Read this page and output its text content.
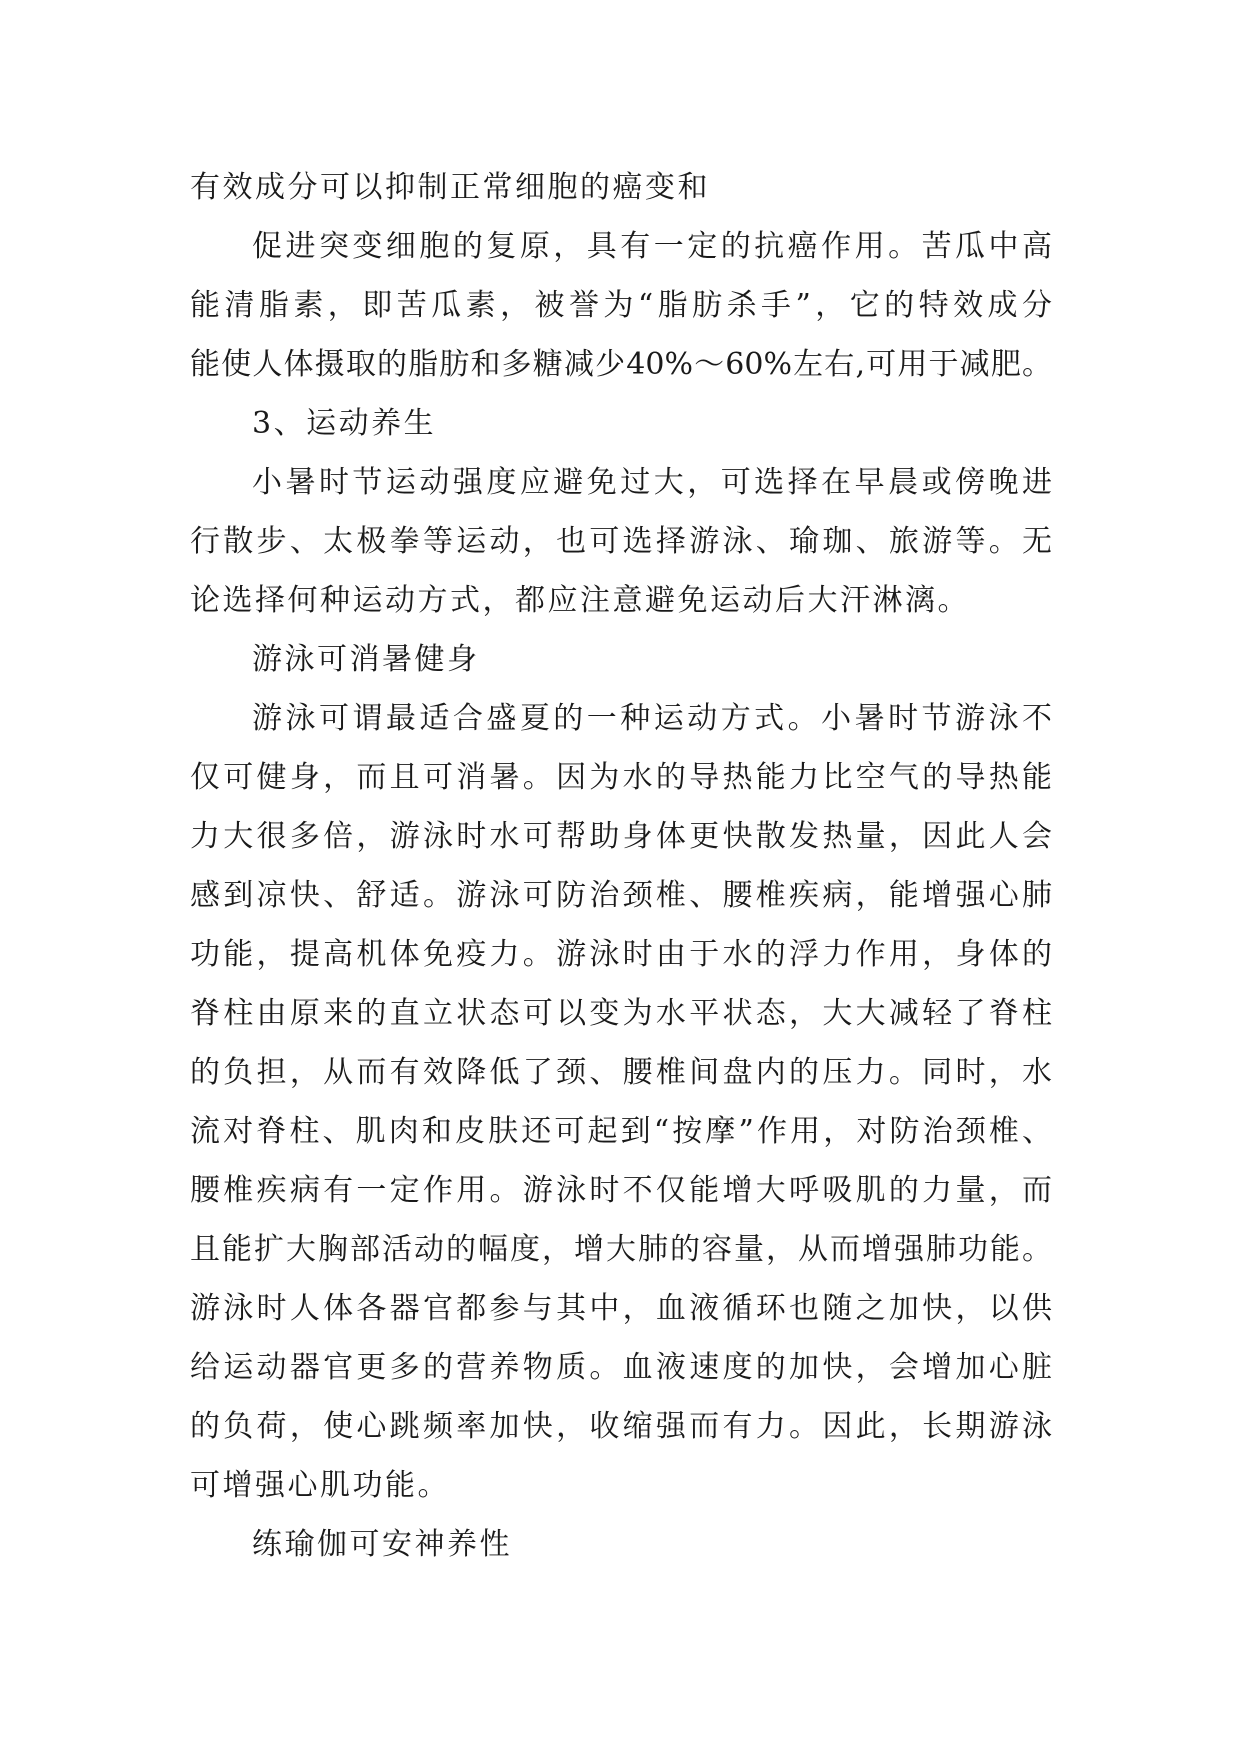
有效成分可以抑制正常细胞的癌变和
促进突变细胞的复原，具有一定的抗癌作用。苦瓜中高
能清脂素，即苦瓜素，被誉为“脂肪杀手”，它的特效成分
能使人体摄取的脂肪和多糖减少40%～60%左右,可用于减肥。
3、运动养生
小暑时节运动强度应避免过大，可选择在早晨或傍晚进
行散步、太极拳等运动，也可选择游泳、瑜珈、旅游等。无
论选择何种运动方式，都应注意避免运动后大汗淋漓。
游泳可消暑健身
游泳可谓最适合盛夏的一种运动方式。小暑时节游泳不
仅可健身，而且可消暑。因为水的导热能力比空气的导热能
力大很多倍，游泳时水可帮助身体更快散发热量，因此人会
感到凉快、舒适。游泳可防治颈椎、腰椎疾病，能增强心肺
功能，提高机体免疫力。游泳时由于水的浮力作用，身体的
脊柱由原来的直立状态可以变为水平状态，大大减轻了脊柱
的负担，从而有效降低了颈、腰椎间盘内的压力。同时，水
流对脊柱、肌肉和皮肤还可起到“按摩”作用，对防治颈椎、
腰椎疾病有一定作用。游泳时不仅能增大呼吸肌的力量，而
且能扩大胸部活动的幅度，增大肺的容量，从而增强肺功能。
游泳时人体各器官都参与其中，血液循环也随之加快，以供
给运动器官更多的营养物质。血液速度的加快，会增加心脏
的负荷，使心跳频率加快，收缩强而有力。因此，长期游泳
可增强心肌功能。
练瑜伽可安神养性
